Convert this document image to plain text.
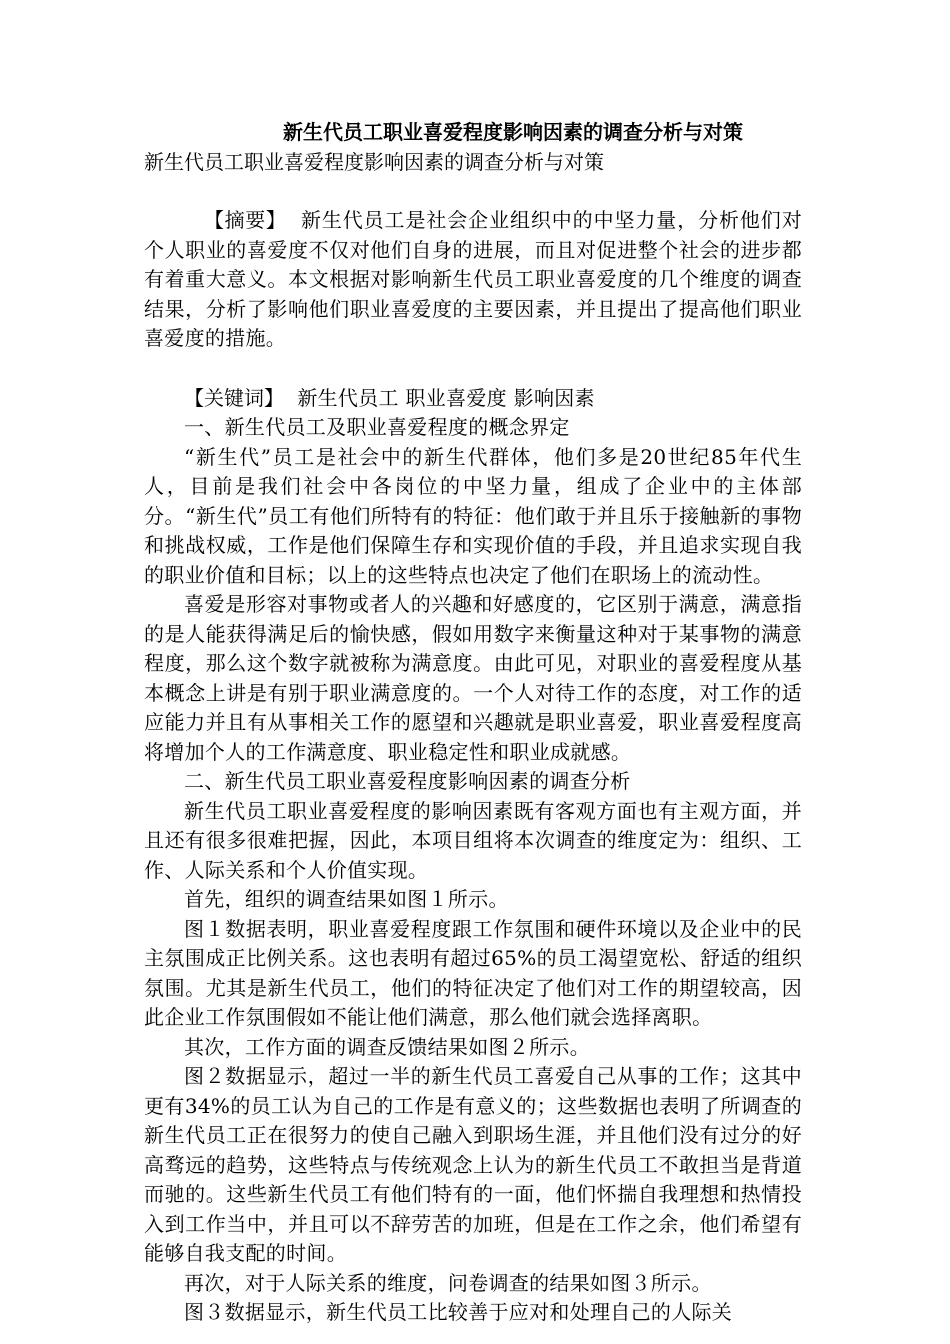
新生代员工职业喜爱程度影响因素的调查分析与对策
新生代员工职业喜爱程度影响因素的调查分析与对策

【摘要】 新生代员工是社会企业组织中的中坚力量，分析他们对个人职业的喜爱度不仅对他们自身的进展，而且对促进整个社会的进步都有着重大意义。本文根据对影响新生代员工职业喜爱度的几个维度的调查结果，分析了影响他们职业喜爱度的主要因素，并且提出了提高他们职业喜爱度的措施。

【关键词】 新生代员工 职业喜爱度 影响因素

一、新生代员工及职业喜爱程度的概念界定

“新生代”员工是社会中的新生代群体，他们多是20世纪85年代生人，目前是我们社会中各岗位的中坚力量，组成了企业中的主体部分。“新生代”员工有他们所特有的特征：他们敢于并且乐于接触新的事物和挑战权威，工作是他们保障生存和实现价值的手段，并且追求实现自我的职业价值和目标；以上的这些特点也决定了他们在职场上的流动性。

喜爱是形容对事物或者人的兴趣和好感度的，它区别于满意，满意指的是人能获得满足后的愉快感，假如用数字来衡量这种对于某事物的满意程度，那么这个数字就被称为满意度。由此可见，对职业的喜爱程度从基本概念上讲是有别于职业满意度的。一个人对待工作的态度，对工作的适应能力并且有从事相关工作的愿望和兴趣就是职业喜爱，职业喜爱程度高将增加个人的工作满意度、职业稳定性和职业成就感。

二、新生代员工职业喜爱程度影响因素的调查分析

新生代员工职业喜爱程度的影响因素既有客观方面也有主观方面，并且还有很多很难把握，因此，本项目组将本次调查的维度定为：组织、工作、人际关系和个人价值实现。

首先，组织的调查结果如图１所示。

图１数据表明，职业喜爱程度跟工作氛围和硬件环境以及企业中的民主氛围成正比例关系。这也表明有超过65%的员工渴望宽松、舒适的组织氛围。尤其是新生代员工，他们的特征决定了他们对工作的期望较高，因此企业工作氛围假如不能让他们满意，那么他们就会选择离职。

其次，工作方面的调查反馈结果如图２所示。

图２数据显示，超过一半的新生代员工喜爱自己从事的工作；这其中更有34%的员工认为自己的工作是有意义的；这些数据也表明了所调查的新生代员工正在很努力的使自己融入到职场生涯，并且他们没有过分的好高骛远的趋势，这些特点与传统观念上认为的新生代员工不敢担当是背道而驰的。这些新生代员工有他们特有的一面，他们怀揣自我理想和热情投入到工作当中，并且可以不辞劳苦的加班，但是在工作之余，他们希望有能够自我支配的时间。

再次，对于人际关系的维度，问卷调查的结果如图３所示。

图３数据显示，新生代员工比较善于应对和处理自己的人际关
